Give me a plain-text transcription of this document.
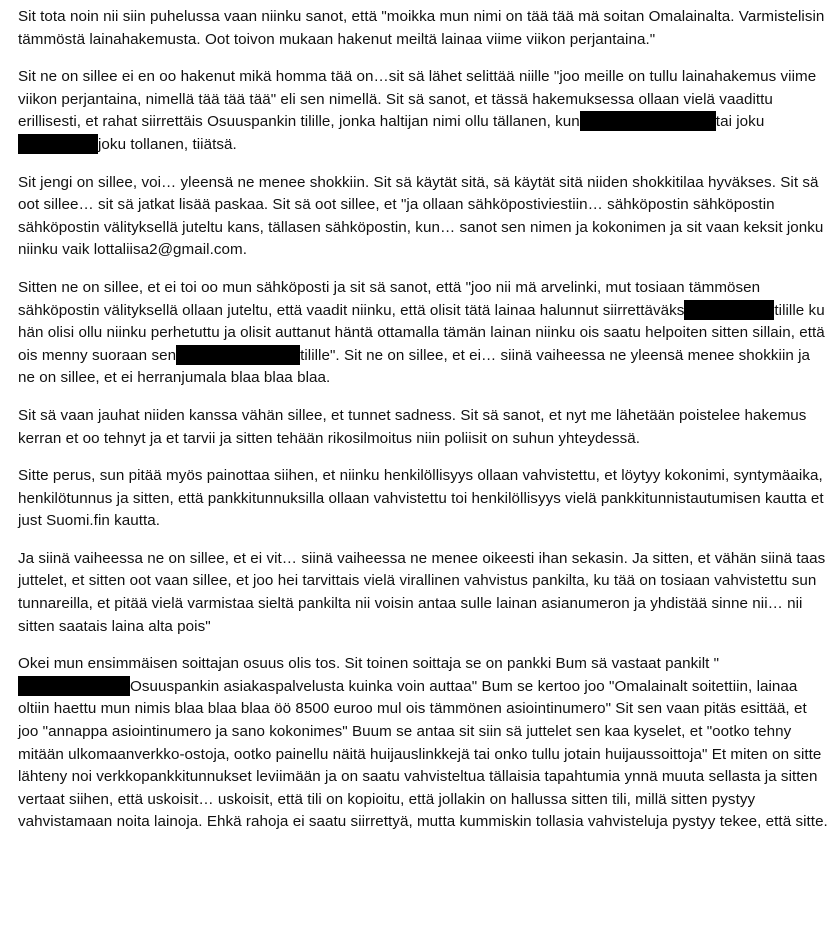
Sit tota noin nii siin puhelussa vaan niinku sanot, että "moikka mun nimi on tää tää mä soitan Omalainalta. Varmistelisin tämmöstä lainahakemusta. Oot toivon mukaan hakenut meiltä lainaa viime viikon perjantaina."

Sit ne on sillee ei en oo hakenut mikä homma tää on…sit sä lähet selittää niille "joo meille on tullu lainahakemus viime viikon perjantaina, nimellä tää tää tää" eli sen nimellä. Sit sä sanot, et tässä hakemuksessa ollaan vielä vaadittu erillisesti, et rahat siirrettäis Osuuspankin tilille, jonka haltijan nimi ollu tällanen, kun	tai jokujoku tollanen, tiiätsä.

Sit jengi on sillee, voi… yleensä ne menee shokkiin. Sit sä käytät sitä, sä käytät sitä niiden shokkitilaa hyväkses. Sit sä oot sillee… sit sä jatkat lisää paskaa. Sit sä oot sillee, et "ja ollaan sähköpostiviestiin… sähköpostin sähköpostin sähköpostin välityksellä juteltu kans, tällasen sähköpostin, kun… sanot sen nimen ja kokonimen ja sit vaan keksit jonku niinku vaik lottaliisa2@gmail.com.

Sitten ne on sillee, et ei toi oo mun sähköposti ja sit sä sanot, että "joo nii mä arvelinki, mut tosiaan tämmösen sähköpostin välityksellä ollaan juteltu, että vaadit niinku, että olisit tätä lainaa halunnut siirrettäväks	tilille ku hän olisi ollu niinku perhetuttu ja olisit auttanut häntä ottamalla tämän lainan niinku ois saatu helpoiten sitten sillain, että ois menny suoraan sen	tilille". Sit ne on sillee, et ei… siinä vaiheessa ne yleensä menee shokkiin ja ne on sillee, et ei herranjumala blaa blaa blaa.

Sit sä vaan jauhat niiden kanssa vähän sillee, et tunnet sadness. Sit sä sanot, et nyt me lähetään poistelee hakemus kerran et oo tehnyt ja et tarvii ja sitten tehään rikosilmoitus niin poliisit on suhun yhteydessä.

Sitte perus, sun pitää myös painottaa siihen, et niinku henkilöllisyys ollaan vahvistettu, et löytyy kokonimi, syntymäaika, henkilötunnus ja sitten, että pankkitunnuksilla ollaan vahvistettu toi henkilöllisyys vielä pankkitunnistautumisen kautta et just Suomi.fin kautta.

Ja siinä vaiheessa ne on sillee, et ei vit… siinä vaiheessa ne menee oikeesti ihan sekasin. Ja sitten, et vähän siinä taas juttelet, et sitten oot vaan sillee, et joo hei tarvittais vielä virallinen vahvistus pankilta, ku tää on tosiaan vahvistettu sun tunnareilla, et pitää vielä varmistaa sieltä pankilta nii voisin antaa sulle lainan asianumeron ja yhdistää sinne nii… nii sitten saatais laina alta pois"

Okei mun ensimmäisen soittajan osuus olis tos. Sit toinen soittaja se on pankki Bum sä vastaat pankilt "Osuuspankin asiakaspalvelusta kuinka voin auttaa" Bum se kertoo joo "Omalainalt soitettiin, lainaa oltiin haettu mun nimis blaa blaa blaa öö 8500 euroo mul ois tämmönen asiointinumero" Sit sen vaan pitäs esittää, et joo "annappa asiointinumero ja sano kokonimes" Buum se antaa sit siin sä juttelet sen kaa kyselet, et "ootko tehny mitään ulkomaanverkko-ostoja, ootko painellu näitä huijauslinkkejä tai onko tullu jotain huijaussoittoja" Et miten on sitte lähteny noi verkkopankkitunnukset leviimään ja on saatu vahvisteltua tällaisia tapahtumia ynnä muuta sellasta ja sitten vertaat siihen, että uskoisit… uskoisit, että tili on kopioitu, että jollakin on hallussa sitten tili, millä sitten pystyy vahvistamaan noita lainoja. Ehkä rahoja ei saatu siirrettyä, mutta kummiskin tollasia vahvisteluja pystyy tekee, että sitte.
